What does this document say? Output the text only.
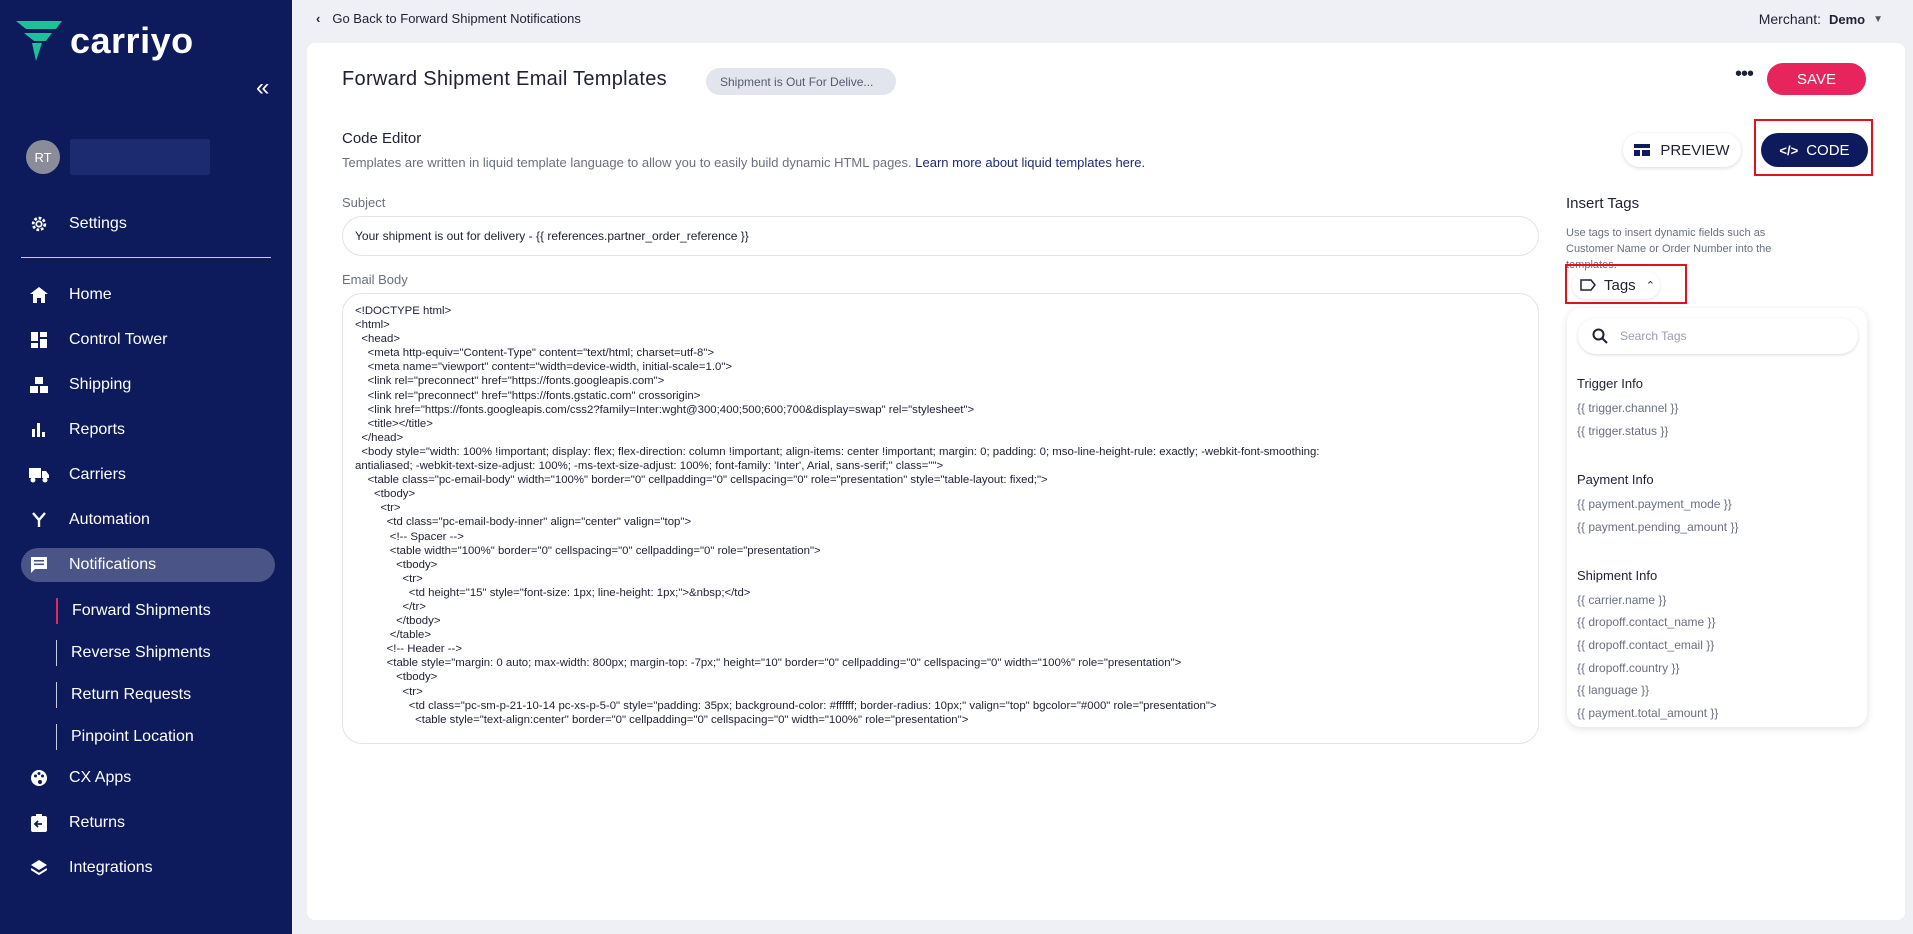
carriyo
«
RT
Settings
Home
Control Tower
Shipping
Reports
Carriers
Automation
Notifications
Forward Shipments
Reverse Shipments
Return Requests
Pinpoint Location
CX Apps
Returns
Integrations
‹ Go Back to Forward Shipment Notifications	Merchant: Demo ▼
Forward Shipment Email Templates	Shipment is Out For Delive...	•••	SAVE
Code Editor
Templates are written in liquid template language to allow you to easily build dynamic HTML pages. Learn more about liquid templates here.
PREVIEW	</> CODE
Subject
Your shipment is out for delivery - {{ references.partner_order_reference }}
Email Body
<!DOCTYPE html>
<html>
<head>
<meta http-equiv="Content-Type" content="text/html; charset=utf-8">
<meta name="viewport" content="width=device-width, initial-scale=1.0">
<link rel="preconnect" href="https://fonts.googleapis.com">
<link rel="preconnect" href="https://fonts.gstatic.com" crossorigin>
<link href="https://fonts.googleapis.com/css2?family=Inter:wght@300;400;500;600;700&display=swap" rel="stylesheet">
<title></title>
</head>
<body style="width: 100% !important; display: flex; flex-direction: column !important; align-items: center !important; margin: 0; padding: 0; mso-line-height-rule: exactly; -webkit-font-smoothing:
antialiased; -webkit-text-size-adjust: 100%; -ms-text-size-adjust: 100%; font-family: 'Inter', Arial, sans-serif;" class="">
<table class="pc-email-body" width="100%" border="0" cellpadding="0" cellspacing="0" role="presentation" style="table-layout: fixed;">
<tbody>
<tr>
<td class="pc-email-body-inner" align="center" valign="top">
<!-- Spacer -->
<table width="100%" border="0" cellspacing="0" cellpadding="0" role="presentation">
<tbody>
<tr>
<td height="15" style="font-size: 1px; line-height: 1px;">&nbsp;</td>
</tr>
</tbody>
</table>
<!-- Header -->
<table style="margin: 0 auto; max-width: 800px; margin-top: -7px;" height="10" border="0" cellpadding="0" cellspacing="0" width="100%" role="presentation">
<tbody>
<tr>
<td class="pc-sm-p-21-10-14 pc-xs-p-5-0" style="padding: 35px; background-color: #ffffff; border-radius: 10px;" valign="top" bgcolor="#000" role="presentation">
<table style="text-align:center" border="0" cellpadding="0" cellspacing="0" width="100%" role="presentation">
Insert Tags
Use tags to insert dynamic fields such as Customer Name or Order Number into the templates.
Tags ⌃
Search Tags
Trigger Info
{{ trigger.channel }}
{{ trigger.status }}
Payment Info
{{ payment.payment_mode }}
{{ payment.pending_amount }}
Shipment Info
{{ carrier.name }}
{{ dropoff.contact_name }}
{{ dropoff.contact_email }}
{{ dropoff.country }}
{{ language }}
{{ payment.total_amount }}
